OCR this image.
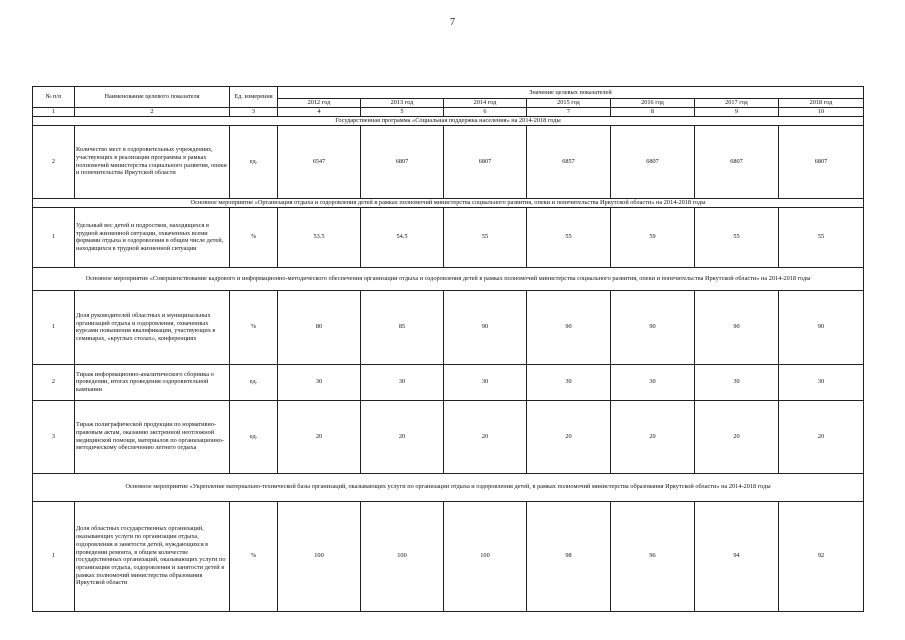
7
№ п/п	Наименование целевого показателя	Ед. измерения	Значение целевых показателей						
			2012 год	2013 год	2014 год	2015 год	2016 год	2017 год	2018 год
1	2	3	4	5	6	7	8	9	10
Государственная программа «Социальная поддержка населения» на 2014-2018 годы									
2	Количество мест в оздоровительных учреждениях, участвующих в реализации программы в рамках полномочий министерства социального развития, опеки и попечительства Иркутской области	ед.	6547	6807	6807	6857	6807	6807	6807
Основное мероприятие «Организация отдыха и оздоровления детей в рамках полномочий министерства социального развития, опеки и попечительства Иркутской области» на 2014-2018 годы									
1	Удельный вес детей и подростков, находящихся в трудной жизненной ситуации, охваченных всеми формами отдыха и оздоровления в общем числе детей, находящихся в трудной жизненной ситуации	%	53.5	54.5	55	55	59	55	55
Основное мероприятие «Совершенствование кадрового и информационно-методического обеспечения организации отдыха и оздоровления детей в рамках полномочий министерства социального развития, опеки и попечительства Иркутской области» на 2014-2018 годы									
1	Доля руководителей областных и муниципальных организаций отдыха и оздоровления, охваченных курсами повышения квалификации, участвующих в семинарах, «круглых столах», конференциях	%	80	85	90	90	90	90	90
2	Тираж информационно-аналитического сборника о проведении, итогах проведения оздоровительной кампании	ед.	30	30	30	30	30	30	30
3	Тираж полиграфической продукции по нормативно-правовым актам, оказанию экстренной неотложной медицинской помощи, материалов по организационно-методическому обеспечению летнего отдыха	ед.	20	20	20	20	20	20	20
Основное мероприятие «Укрепление материально-технической базы организаций, оказывающих услуги по организации отдыха и оздоровления детей, в рамках полномочий министерства образования Иркутской области» на 2014-2018 годы									
1	Доля областных государственных организаций, оказывающих услуги по организации отдыха, оздоровления и занятости детей, нуждающихся в проведении ремонта, в общем количестве государственных организаций, оказывающих услуги по организации отдыха, оздоровления и занятости детей в рамках полномочий министерства образования Иркутской области	%	100	100	100	98	96	94	92
